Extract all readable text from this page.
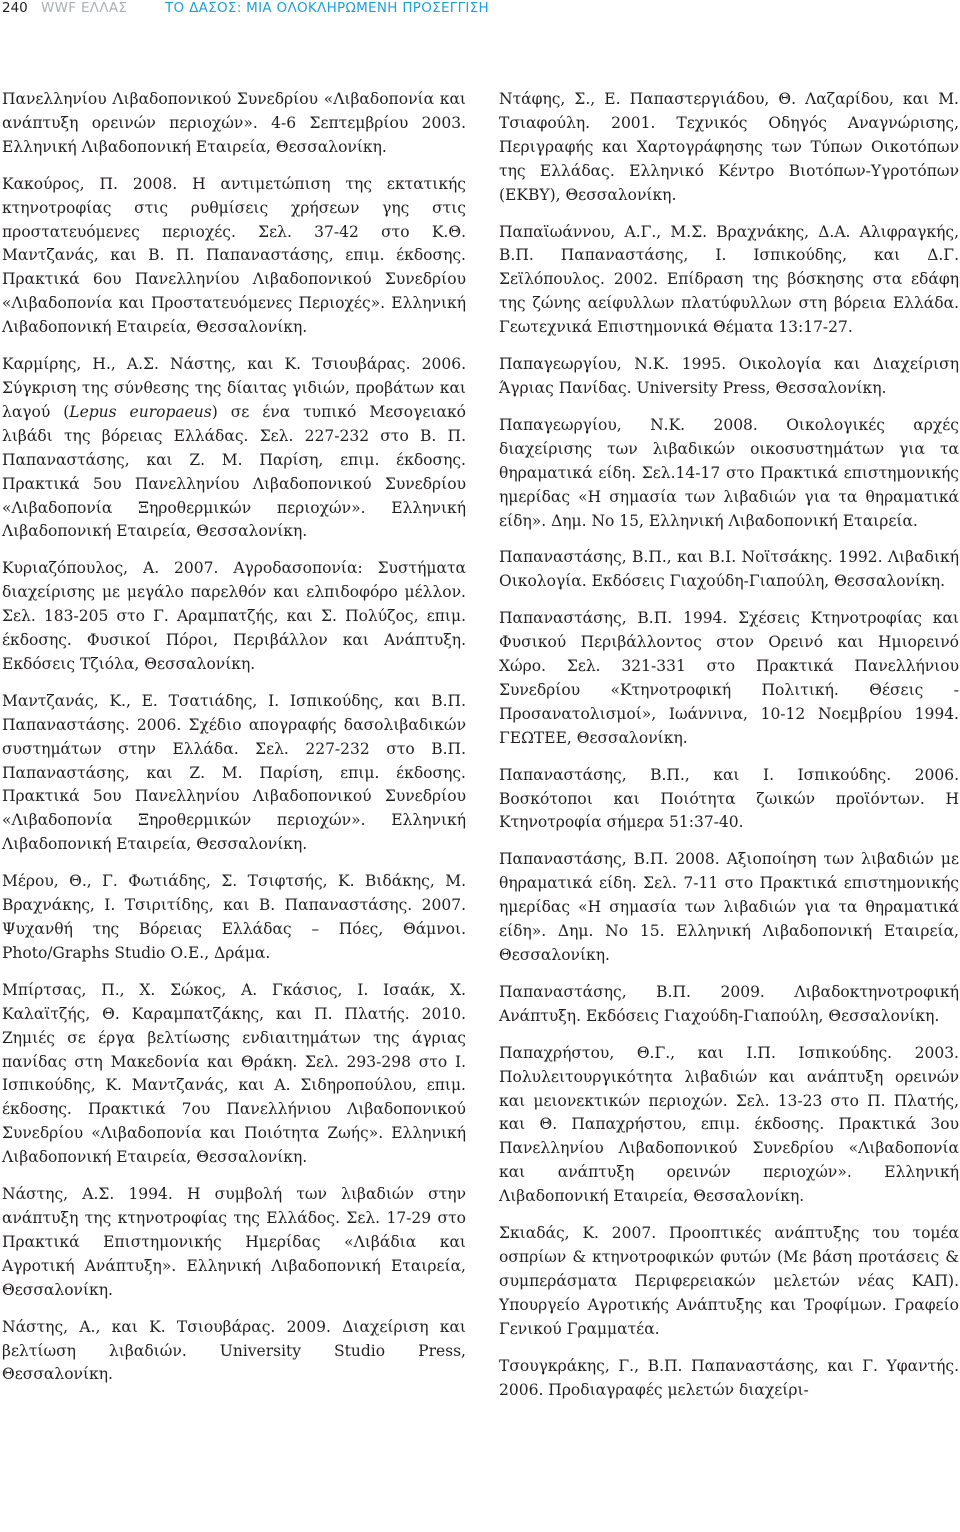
240 WWF ΕΛΛΑΣ	ΤΟ ΔΑΣΟΣ: ΜΙΑ ΟΛΟΚΛΗΡΩΜΕΝΗ ΠΡΟΣΕΓΓΙΣΗ

Πανελληνίου Λιβαδοπονικού Συνεδρίου «Λιβαδοπονία και ανάπτυξη ορεινών περιοχών». 4-6 Σεπτεμβρίου 2003. Ελληνική Λιβαδοπονική Εταιρεία, Θεσσαλονίκη.

Κακούρος, Π. 2008. Η αντιμετώπιση της εκτατικής κτηνοτροφίας στις ρυθμίσεις χρήσεων γης στις προστατευόμενες περιοχές. Σελ. 37-42 στο Κ.Θ. Μαντζανάς, και Β. Π. Παπαναστάσης, επιμ. έκδοσης. Πρακτικά 6ου Πανελληνίου Λιβαδοπονικού Συνεδρίου «Λιβαδοπονία και Προστατευόμενες Περιοχές». Ελληνική Λιβαδοπονική Εταιρεία, Θεσσαλονίκη.

Καρμίρης, Η., Α.Σ. Νάστης, και Κ. Τσιουβάρας. 2006. Σύγκριση της σύνθεσης της δίαιτας γιδιών, προβάτων και λαγού (Lepus europaeus) σε ένα τυπικό Μεσογειακό λιβάδι της βόρειας Ελλάδας. Σελ. 227-232 στο Β. Π. Παπαναστάσης, και Ζ. Μ. Παρίση, επιμ. έκδοσης. Πρακτικά 5ου Πανελληνίου Λιβαδοπονικού Συνεδρίου «Λιβαδοπονία Ξηροθερμικών περιοχών». Ελληνική Λιβαδοπονική Εταιρεία, Θεσσαλονίκη.

Κυριαζόπουλος, Α. 2007. Αγροδασοπονία: Συστήματα διαχείρισης με μεγάλο παρελθόν και ελπιδοφόρο μέλλον. Σελ. 183-205 στο Γ. Αραμπατζής, και Σ. Πολύζος, επιμ. έκδοσης. Φυσικοί Πόροι, Περιβάλλον και Ανάπτυξη. Εκδόσεις Τζιόλα, Θεσσαλονίκη.

Μαντζανάς, Κ., Ε. Τσατιάδης, Ι. Ισπικούδης, και Β.Π. Παπαναστάσης. 2006. Σχέδιο απογραφής δασολιβαδικών συστημάτων στην Ελλάδα. Σελ. 227-232 στο Β.Π. Παπαναστάσης, και Ζ. Μ. Παρίση, επιμ. έκδοσης. Πρακτικά 5ου Πανελληνίου Λιβαδοπονικού Συνεδρίου «Λιβαδοπονία Ξηροθερμικών περιοχών». Ελληνική Λιβαδοπονική Εταιρεία, Θεσσαλονίκη.

Μέρου, Θ., Γ. Φωτιάδης, Σ. Τσιφτσής, Κ. Βιδάκης, Μ. Βραχνάκης, Ι. Τσιριτίδης, και Β. Παπαναστάσης. 2007. Ψυχανθή της Βόρειας Ελλάδας – Πόες, Θάμνοι. Photo/Graphs Studio Ο.Ε., Δράμα.

Μπίρτσας, Π., Χ. Σώκος, Α. Γκάσιος, Ι. Ισαάκ, Χ. Καλαϊτζής, Θ. Καραμπατζάκης, και Π. Πλατής. 2010. Ζημιές σε έργα βελτίωσης ενδιαιτημάτων της άγριας πανίδας στη Μακεδονία και Θράκη. Σελ. 293-298 στο Ι. Ισπικούδης, Κ. Μαντζανάς, και Α. Σιδηροπούλου, επιμ. έκδοσης. Πρακτικά 7ου Πανελλήνιου Λιβαδοπονικού Συνεδρίου «Λιβαδοπονία και Ποιότητα Ζωής». Ελληνική Λιβαδοπονική Εταιρεία, Θεσσαλονίκη.

Νάστης, Α.Σ. 1994. Η συμβολή των λιβαδιών στην ανάπτυξη της κτηνοτροφίας της Ελλάδος. Σελ. 17-29 στο Πρακτικά Επιστημονικής Ημερίδας «Λιβάδια και Αγροτική Ανάπτυξη». Ελληνική Λιβαδοπονική Εταιρεία, Θεσσαλονίκη.

Νάστης, Α., και Κ. Τσιουβάρας. 2009. Διαχείριση και βελτίωση λιβαδιών. University Studio Press, Θεσσαλονίκη.

Ντάφης, Σ., Ε. Παπαστεργιάδου, Θ. Λαζαρίδου, και Μ. Τσιαφούλη. 2001. Τεχνικός Οδηγός Αναγνώρισης, Περιγραφής και Χαρτογράφησης των Τύπων Οικοτόπων της Ελλάδας. Ελληνικό Κέντρο Βιοτόπων-Υγροτόπων (ΕΚΒΥ), Θεσσαλονίκη.

Παπαϊωάννου, Α.Γ., Μ.Σ. Βραχνάκης, Δ.Α. Αλιφραγκής, Β.Π. Παπαναστάσης, Ι. Ισπικούδης, και Δ.Γ. Σεϊλόπουλος. 2002. Επίδραση της βόσκησης στα εδάφη της ζώνης αείφυλλων πλατύφυλλων στη βόρεια Ελλάδα. Γεωτεχνικά Επιστημονικά Θέματα 13:17-27.

Παπαγεωργίου, Ν.Κ. 1995. Οικολογία και Διαχείριση Άγριας Πανίδας. University Press, Θεσσαλονίκη.

Παπαγεωργίου, Ν.Κ. 2008. Οικολογικές αρχές διαχείρισης των λιβαδικών οικοσυστημάτων για τα θηραματικά είδη. Σελ.14-17 στο Πρακτικά επιστημονικής ημερίδας «Η σημασία των λιβαδιών για τα θηραματικά είδη». Δημ. Νο 15, Ελληνική Λιβαδοπονική Εταιρεία.

Παπαναστάσης, Β.Π., και Β.Ι. Νοϊτσάκης. 1992. Λιβαδική Οικολογία. Εκδόσεις Γιαχούδη-Γιαπούλη, Θεσσαλονίκη.

Παπαναστάσης, Β.Π. 1994. Σχέσεις Κτηνοτροφίας και Φυσικού Περιβάλλοντος στον Ορεινό και Ημιορεινό Χώρο. Σελ. 321-331 στο Πρακτικά Πανελλήνιου Συνεδρίου «Κτηνοτροφική Πολιτική. Θέσεις - Προσανατολισμοί», Ιωάννινα, 10-12 Νοεμβρίου 1994. ΓΕΩΤΕΕ, Θεσσαλονίκη.

Παπαναστάσης, Β.Π., και Ι. Ισπικούδης. 2006. Βοσκότοποι και Ποιότητα ζωικών προϊόντων. Η Κτηνοτροφία σήμερα 51:37-40.

Παπαναστάσης, Β.Π. 2008. Αξιοποίηση των λιβαδιών με θηραματικά είδη. Σελ. 7-11 στο Πρακτικά επιστημονικής ημερίδας «Η σημασία των λιβαδιών για τα θηραματικά είδη». Δημ. Νο 15. Ελληνική Λιβαδοπονική Εταιρεία, Θεσσαλονίκη.

Παπαναστάσης, Β.Π. 2009. Λιβαδοκτηνοτροφική Ανάπτυξη. Εκδόσεις Γιαχούδη-Γιαπούλη, Θεσσαλονίκη.

Παπαχρήστου, Θ.Γ., και Ι.Π. Ισπικούδης. 2003. Πολυλειτουργικότητα λιβαδιών και ανάπτυξη ορεινών και μειονεκτικών περιοχών. Σελ. 13-23 στο Π. Πλατής, και Θ. Παπαχρήστου, επιμ. έκδοσης. Πρακτικά 3ου Πανελληνίου Λιβαδοπονικού Συνεδρίου «Λιβαδοπονία και ανάπτυξη ορεινών περιοχών». Ελληνική Λιβαδοπονική Εταιρεία, Θεσσαλονίκη.

Σκιαδάς, Κ. 2007. Προοπτικές ανάπτυξης του τομέα οσπρίων & κτηνοτροφικών φυτών (Με βάση προτάσεις & συμπεράσματα Περιφερειακών μελετών νέας ΚΑΠ). Υπουργείο Αγροτικής Ανάπτυξης και Τροφίμων. Γραφείο Γενικού Γραμματέα.

Τσουγκράκης, Γ., Β.Π. Παπαναστάσης, και Γ. Υφαντής. 2006. Προδιαγραφές μελετών διαχείρι-
